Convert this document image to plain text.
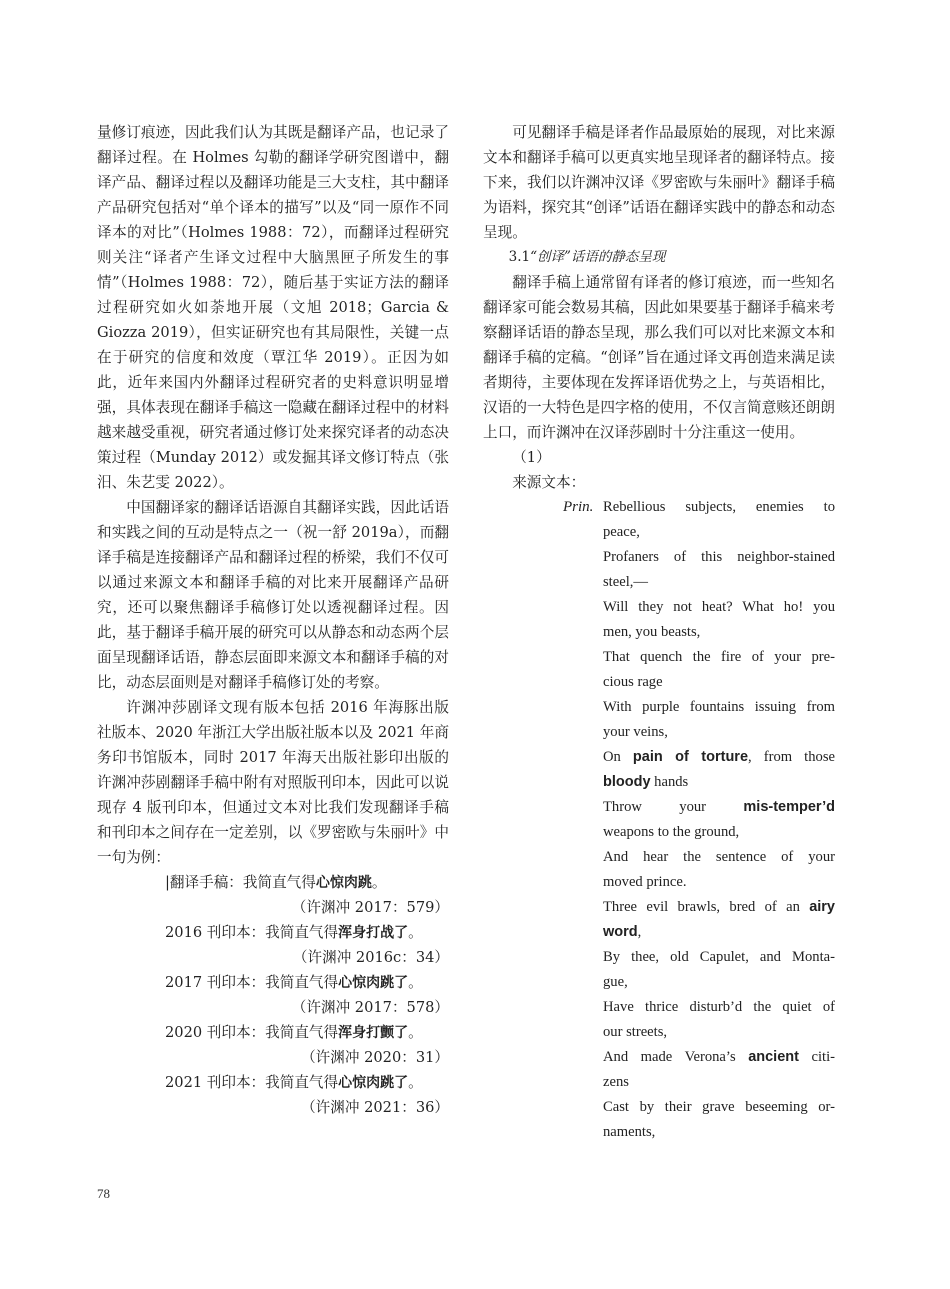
量修订痕迹，因此我们认为其既是翻译产品，也记录了翻译过程。在 Holmes 勾勒的翻译学研究图谱中，翻译产品、翻译过程以及翻译功能是三大支柱，其中翻译产品研究包括对“单个译本的描写”以及“同一原作不同译本的对比”（Holmes 1988：72），而翻译过程研究则关注“译者产生译文过程中大脑黑匣子所发生的事情”（Holmes 1988：72），随后基于实证方法的翻译过程研究如火如荼地开展（文旭 2018；Garcia & Giozza 2019），但实证研究也有其局限性，关键一点在于研究的信度和效度（覃江华 2019）。正因为如此，近年来国内外翻译过程研究者的史料意识明显增强，具体表现在翻译手稿这一隐藏在翻译过程中的材料越来越受重视，研究者通过修订处来探究译者的动态决策过程（Munday 2012）或发掘其译文修订特点（张汨、朱艺雯 2022）。

中国翻译家的翻译话语源自其翻译实践，因此话语和实践之间的互动是特点之一（祝一舒 2019a），而翻译手稿是连接翻译产品和翻译过程的桥梁，我们不仅可以通过来源文本和翻译手稿的对比来开展翻译产品研究，还可以聚焦翻译手稿修订处以透视翻译过程。因此，基于翻译手稿开展的研究可以从静态和动态两个层面呈现翻译话语，静态层面即来源文本和翻译手稿的对比，动态层面则是对翻译手稿修订处的考察。

许渊冲莎剧译文现有版本包括 2016 年海豚出版社版本、2020 年浙江大学出版社版本以及 2021 年商务印书馆版本，同时 2017 年海天出版社影印出版的许渊冲莎剧翻译手稿中附有对照版刊印本，因此可以说现存 4 版刊印本，但通过文本对比我们发现翻译手稿和刊印本之间存在一定差别，以《罗密欧与朱丽叶》中一句为例：

|翻译手稿：我简直气得心惊肉跳。
（许渊冲 2017：579）
2016 刊印本：我简直气得浑身打战了。
（许渊冲 2016c：34）
2017 刊印本：我简直气得心惊肉跳了。
（许渊冲 2017：578）
2020 刊印本：我简直气得浑身打颤了。
（许渊冲 2020：31）
2021 刊印本：我简直气得心惊肉跳了。
（许渊冲 2021：36）

可见翻译手稿是译者作品最原始的展现，对比来源文本和翻译手稿可以更真实地呈现译者的翻译特点。接下来，我们以许渊冲汉译《罗密欧与朱丽叶》翻译手稿为语料，探究其“创译”话语在翻译实践中的静态和动态呈现。

3.1“创译”话语的静态呈现

翻译手稿上通常留有译者的修订痕迹，而一些知名翻译家可能会数易其稿，因此如果要基于翻译手稿来考察翻译话语的静态呈现，那么我们可以对比来源文本和翻译手稿的定稿。“创译”旨在通过译文再创造来满足读者期待，主要体现在发挥译语优势之上，与英语相比，汉语的一大特色是四字格的使用，不仅言简意赅还朗朗上口，而许渊冲在汉译莎剧时十分注重这一使用。

（1）

来源文本：

Prin. Rebellious subjects, enemies to

peace,

Profaners of this neighbor-stained

steel,—

Will they not heat? What ho! you

men, you beasts,

That quench the fire of your pre-

cious rage

With purple fountains issuing from

your veins,

On pain of torture, from those

bloody hands

Throw your mis-temper’d

weapons to the ground,

And hear the sentence of your

moved prince.

Three evil brawls, bred of an airy

word,

By thee, old Capulet, and Monta-

gue,

Have thrice disturb’d the quiet of

our streets,

And made Verona’s ancient citi-

zens

Cast by their grave beseeming or-

naments,

78
